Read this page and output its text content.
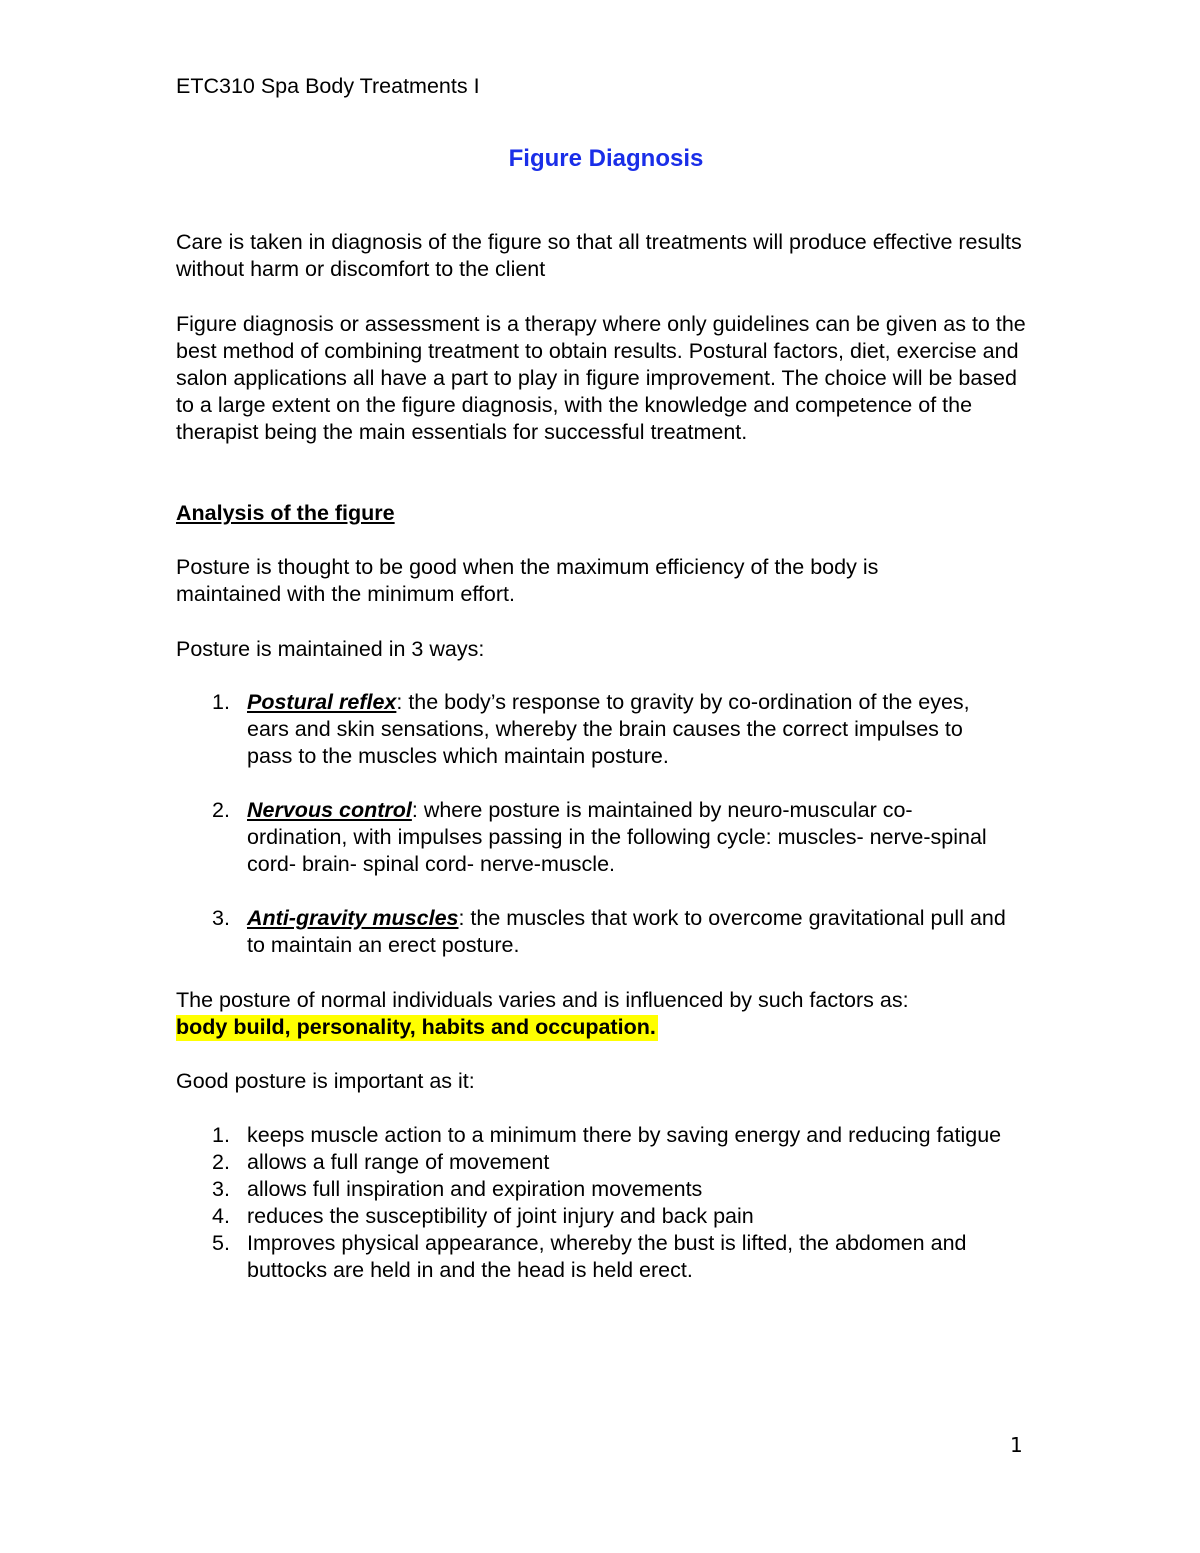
ETC310 Spa Body Treatments I

Figure Diagnosis

Care is taken in diagnosis of the figure so that all treatments will produce effective results without harm or discomfort to the client

Figure diagnosis or assessment is a therapy where only guidelines can be given as to the best method of combining treatment to obtain results. Postural factors, diet, exercise and salon applications all have a part to play in figure improvement. The choice will be based to a large extent on the figure diagnosis, with the knowledge and competence of the therapist being the main essentials for successful treatment.

Analysis of the figure

Posture is thought to be good when the maximum efficiency of the body is maintained with the minimum effort.

Posture is maintained in 3 ways:

1. Postural reflex: the body’s response to gravity by co-ordination of the eyes, ears and skin sensations, whereby the brain causes the correct impulses to pass to the muscles which maintain posture.
2. Nervous control: where posture is maintained by neuro-muscular co-ordination, with impulses passing in the following cycle: muscles- nerve-spinal cord- brain- spinal cord- nerve-muscle.
3. Anti-gravity muscles: the muscles that work to overcome gravitational pull and to maintain an erect posture.

The posture of normal individuals varies and is influenced by such factors as:
body build, personality, habits and occupation.

Good posture is important as it:

1. keeps muscle action to a minimum there by saving energy and reducing fatigue
2. allows a full range of movement
3. allows full inspiration and expiration movements
4. reduces the susceptibility of joint injury and back pain
5. Improves physical appearance, whereby the bust is lifted, the abdomen and buttocks are held in and the head is held erect.
1
